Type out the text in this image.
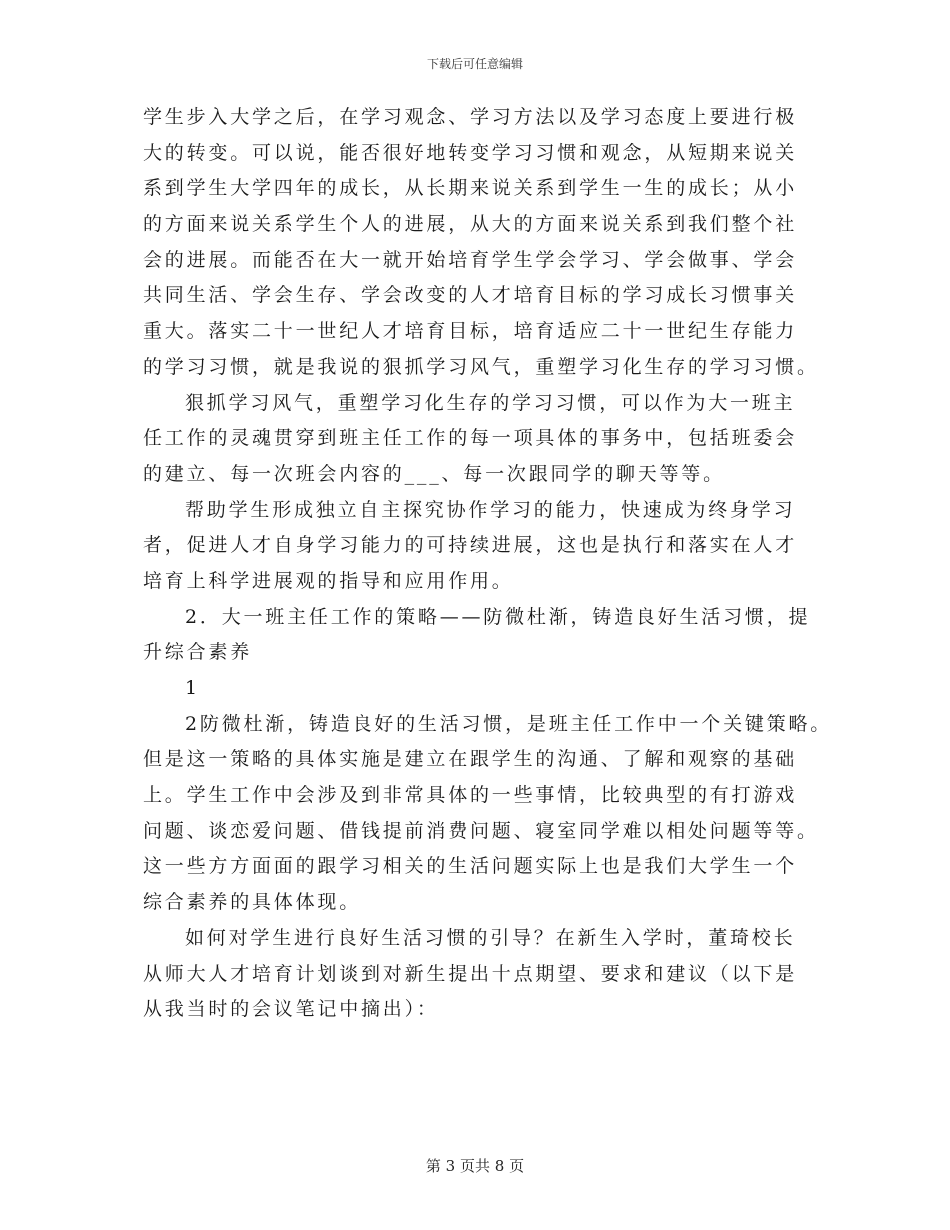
下载后可任意编辑
学生步入大学之后，在学习观念、学习方法以及学习态度上要进行极
大的转变。可以说，能否很好地转变学习习惯和观念，从短期来说关
系到学生大学四年的成长，从长期来说关系到学生一生的成长；从小
的方面来说关系学生个人的进展，从大的方面来说关系到我们整个社
会的进展。而能否在大一就开始培育学生学会学习、学会做事、学会
共同生活、学会生存、学会改变的人才培育目标的学习成长习惯事关
重大。落实二十一世纪人才培育目标，培育适应二十一世纪生存能力
的学习习惯，就是我说的狠抓学习风气，重塑学习化生存的学习习惯。
狠抓学习风气，重塑学习化生存的学习习惯，可以作为大一班主
任工作的灵魂贯穿到班主任工作的每一项具体的事务中，包括班委会
的建立、每一次班会内容的___、每一次跟同学的聊天等等。
帮助学生形成独立自主探究协作学习的能力，快速成为终身学习
者，促进人才自身学习能力的可持续进展，这也是执行和落实在人才
培育上科学进展观的指导和应用作用。
2．大一班主任工作的策略——防微杜渐，铸造良好生活习惯，提
升综合素养
1
2防微杜渐，铸造良好的生活习惯，是班主任工作中一个关键策略。
但是这一策略的具体实施是建立在跟学生的沟通、了解和观察的基础
上。学生工作中会涉及到非常具体的一些事情，比较典型的有打游戏
问题、谈恋爱问题、借钱提前消费问题、寝室同学难以相处问题等等。
这一些方方面面的跟学习相关的生活问题实际上也是我们大学生一个
综合素养的具体体现。
如何对学生进行良好生活习惯的引导？在新生入学时，董琦校长
从师大人才培育计划谈到对新生提出十点期望、要求和建议（以下是
从我当时的会议笔记中摘出）：
第 3 页共 8 页
